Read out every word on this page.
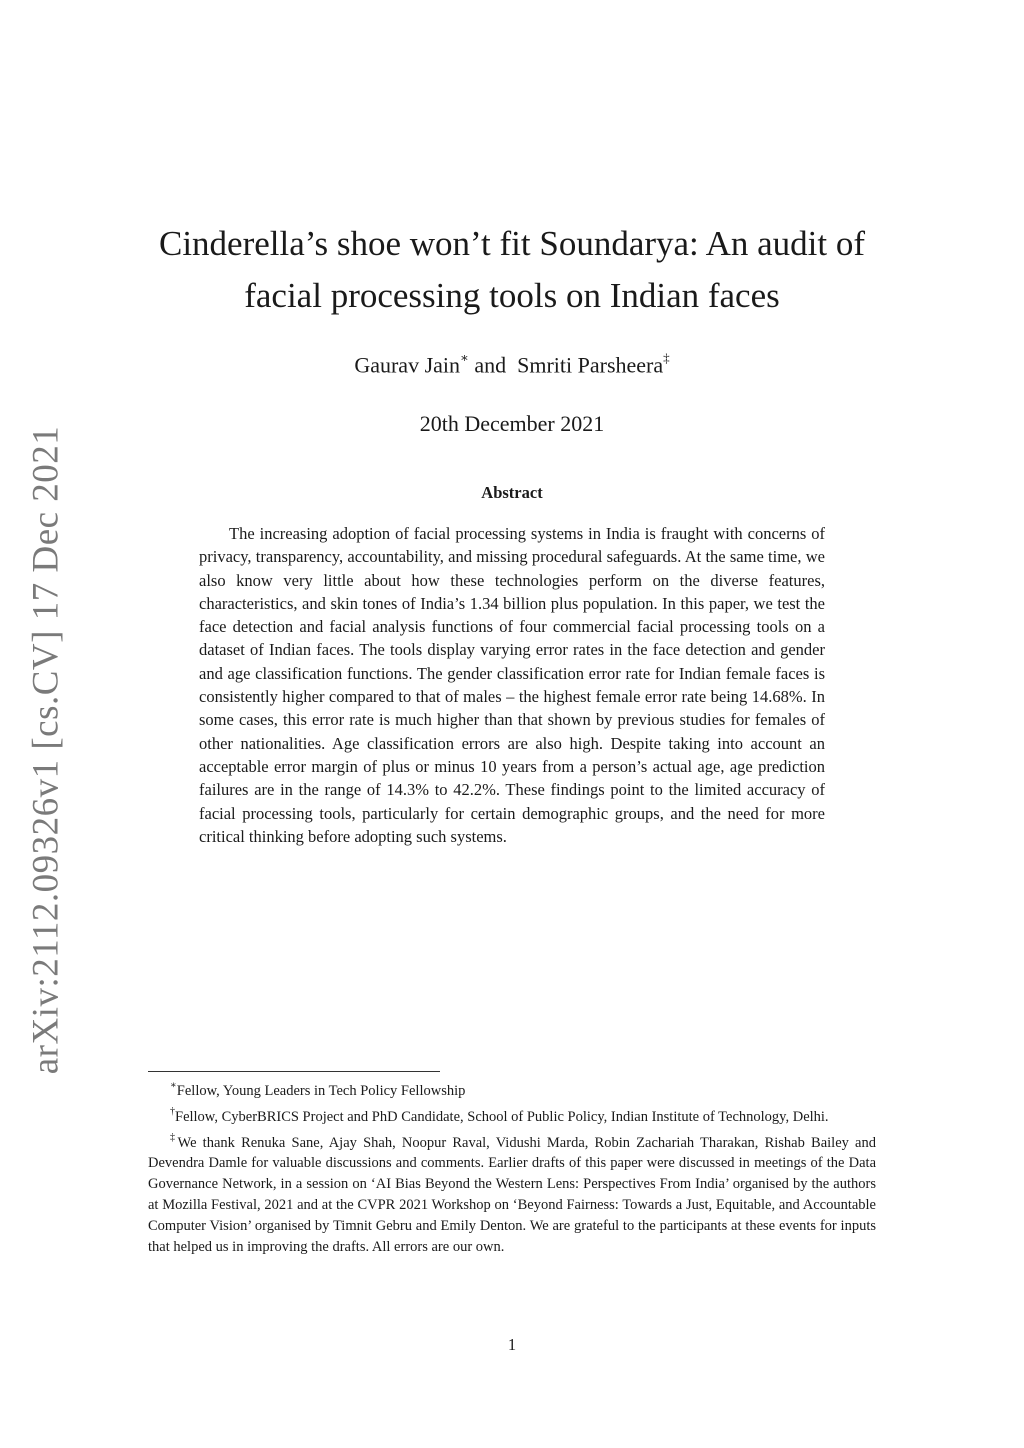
arXiv:2112.09326v1 [cs.CV] 17 Dec 2021
Cinderella’s shoe won’t fit Soundarya: An audit of facial processing tools on Indian faces
Gaurav Jain∗ and Smriti Parsheera‡
20th December 2021
Abstract

The increasing adoption of facial processing systems in India is fraught with concerns of privacy, transparency, accountability, and missing procedural safeguards. At the same time, we also know very little about how these technologies perform on the diverse features, characteristics, and skin tones of India’s 1.34 billion plus population. In this paper, we test the face detection and facial analysis functions of four commercial facial processing tools on a dataset of Indian faces. The tools display varying error rates in the face detection and gender and age classification functions. The gender classification error rate for Indian female faces is consistently higher compared to that of males – the highest female error rate being 14.68%. In some cases, this error rate is much higher than that shown by previous studies for females of other nationalities. Age classification errors are also high. Despite taking into account an acceptable error margin of plus or minus 10 years from a person’s actual age, age prediction failures are in the range of 14.3% to 42.2%. These findings point to the limited accuracy of facial processing tools, particularly for certain demographic groups, and the need for more critical thinking before adopting such systems.

∗Fellow, Young Leaders in Tech Policy Fellowship

†Fellow, CyberBRICS Project and PhD Candidate, School of Public Policy, Indian Institute of Technology, Delhi.

‡We thank Renuka Sane, Ajay Shah, Noopur Raval, Vidushi Marda, Robin Zachariah Tharakan, Rishab Bailey and Devendra Damle for valuable discussions and comments. Earlier drafts of this paper were discussed in meetings of the Data Governance Network, in a session on ‘AI Bias Beyond the Western Lens: Perspectives From India’ organised by the authors at Mozilla Festival, 2021 and at the CVPR 2021 Workshop on ‘Beyond Fairness: Towards a Just, Equitable, and Accountable Computer Vision’ organised by Timnit Gebru and Emily Denton. We are grateful to the participants at these events for inputs that helped us in improving the drafts. All errors are our own.

1
